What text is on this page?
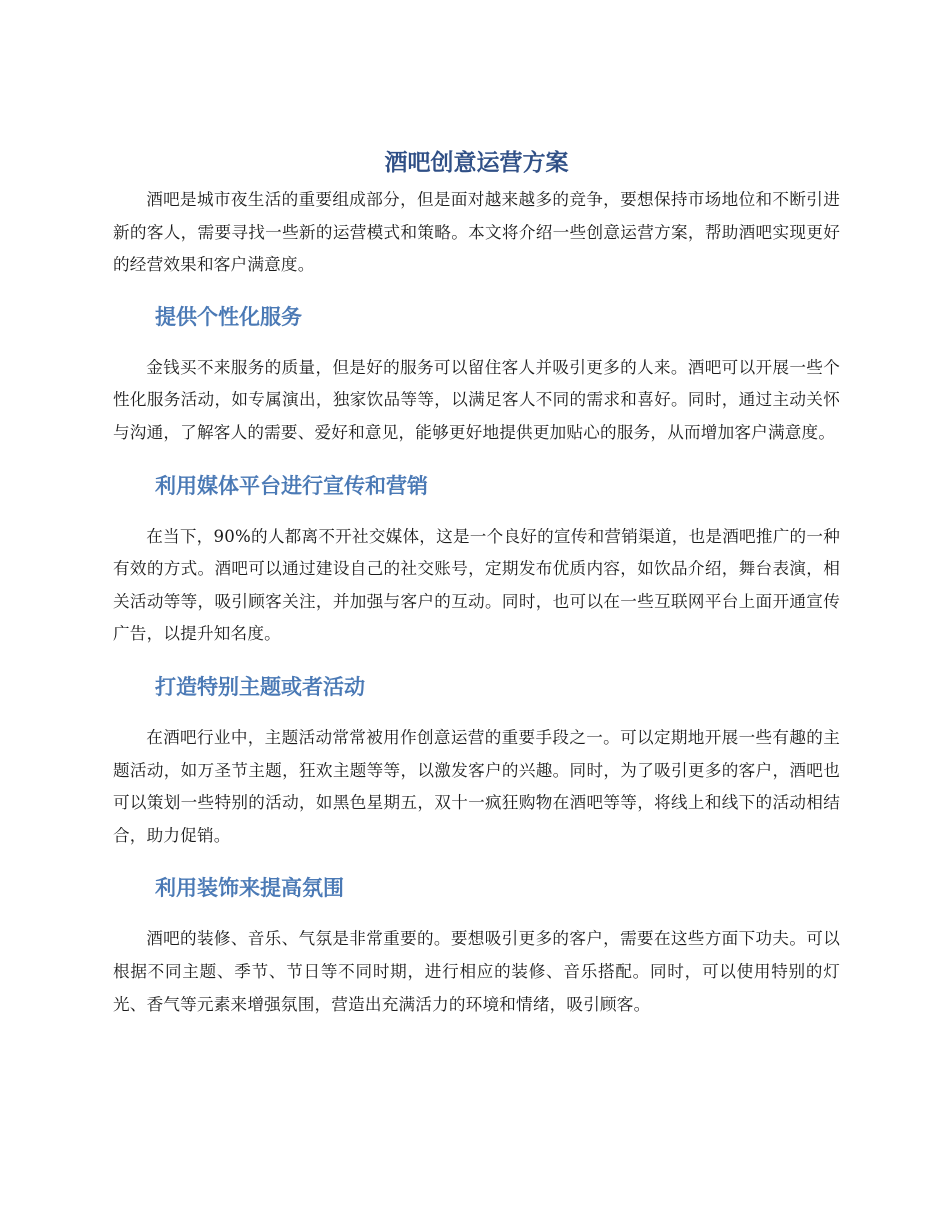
酒吧创意运营方案

酒吧是城市夜生活的重要组成部分，但是面对越来越多的竞争，要想保持市场地位和不断引进新的客人，需要寻找一些新的运营模式和策略。本文将介绍一些创意运营方案，帮助酒吧实现更好的经营效果和客户满意度。

提供个性化服务

金钱买不来服务的质量，但是好的服务可以留住客人并吸引更多的人来。酒吧可以开展一些个性化服务活动，如专属演出，独家饮品等等，以满足客人不同的需求和喜好。同时，通过主动关怀与沟通，了解客人的需要、爱好和意见，能够更好地提供更加贴心的服务，从而增加客户满意度。

利用媒体平台进行宣传和营销

在当下，90%的人都离不开社交媒体，这是一个良好的宣传和营销渠道，也是酒吧推广的一种有效的方式。酒吧可以通过建设自己的社交账号，定期发布优质内容，如饮品介绍，舞台表演，相关活动等等，吸引顾客关注，并加强与客户的互动。同时，也可以在一些互联网平台上面开通宣传广告，以提升知名度。

打造特别主题或者活动

在酒吧行业中，主题活动常常被用作创意运营的重要手段之一。可以定期地开展一些有趣的主题活动，如万圣节主题，狂欢主题等等，以激发客户的兴趣。同时，为了吸引更多的客户，酒吧也可以策划一些特别的活动，如黑色星期五，双十一疯狂购物在酒吧等等，将线上和线下的活动相结合，助力促销。

利用装饰来提高氛围

酒吧的装修、音乐、气氛是非常重要的。要想吸引更多的客户，需要在这些方面下功夫。可以根据不同主题、季节、节日等不同时期，进行相应的装修、音乐搭配。同时，可以使用特别的灯光、香气等元素来增强氛围，营造出充满活力的环境和情绪，吸引顾客。
